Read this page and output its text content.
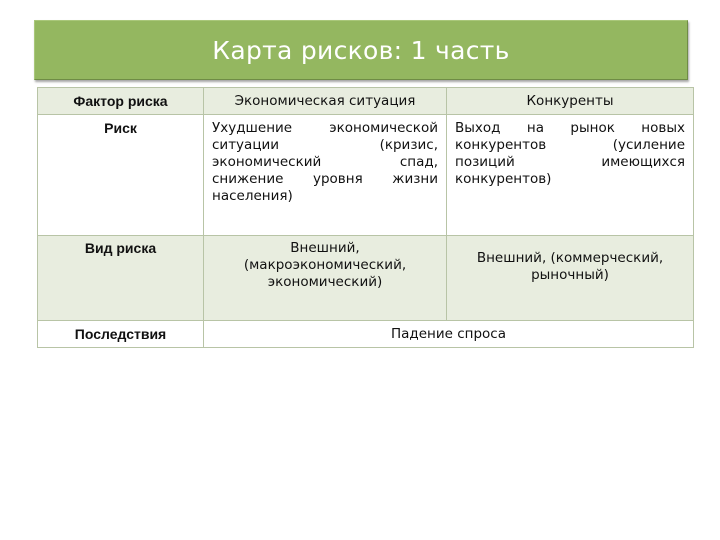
Карта рисков: 1 часть
Фактор риска	Экономическая ситуация	Конкуренты
Риск	Ухудшение экономической ситуации (кризис, экономический спад, снижение уровня жизни населения)	Выход на рынок новых конкурентов (усиление позиций имеющихся конкурентов)
Вид риска	Внешний, (макроэкономический, экономический)	Внешний, (коммерческий, рыночный)
Последствия	Падение спроса	
